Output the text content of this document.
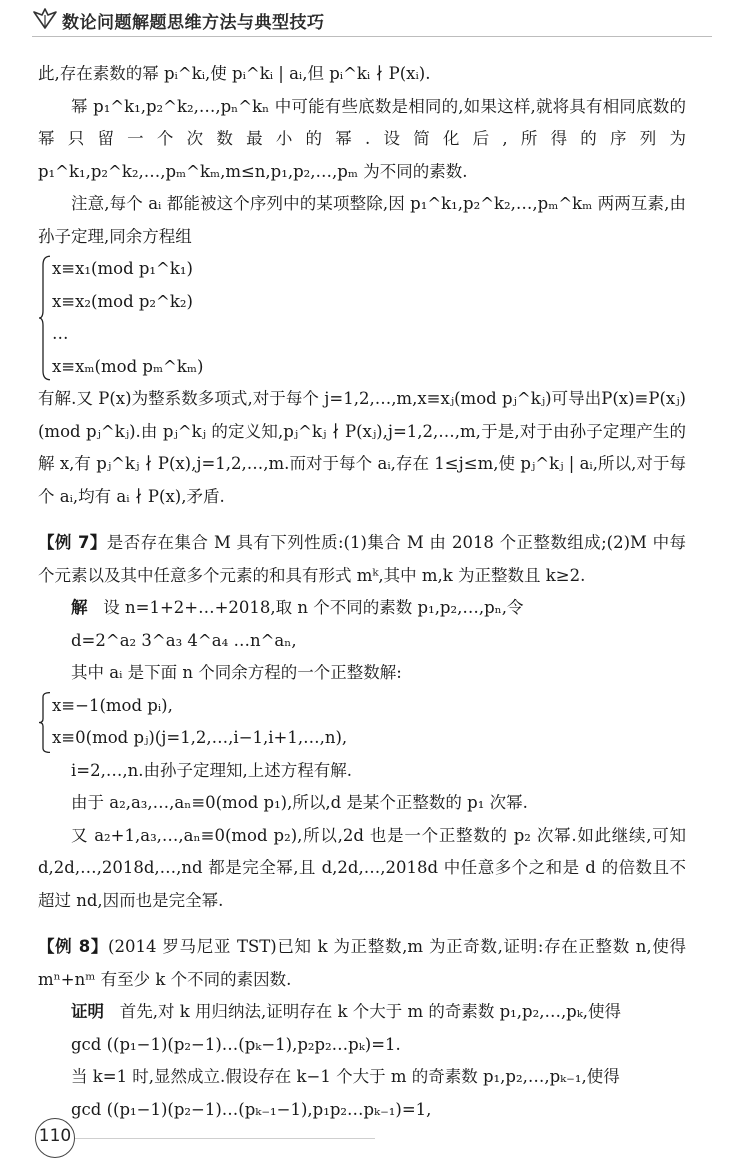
数论问题解题思维方法与典型技巧

此,存在素数的幂 pᵢ^kᵢ,使 pᵢ^kᵢ | aᵢ,但 pᵢ^kᵢ ∤ P(xᵢ).

幂 p₁^k₁,p₂^k₂,…,pₙ^kₙ 中可能有些底数是相同的,如果这样,就将具有相同底数的幂只留一个次数最小的幂.设简化后,所得的序列为 p₁^k₁,p₂^k₂,…,pₘ^kₘ,m≤n,p₁,p₂,…,pₘ 为不同的素数.

注意,每个 aᵢ 都能被这个序列中的某项整除,因 p₁^k₁,p₂^k₂,…,pₘ^kₘ 两两互素,由孙子定理,同余方程组

x≡x₁(mod p₁^k₁)
x≡x₂(mod p₂^k₂)
…
x≡xₘ(mod pₘ^kₘ)

有解.又 P(x)为整系数多项式,对于每个 j=1,2,…,m,x≡xⱼ(mod pⱼ^kⱼ)可导出P(x)≡P(xⱼ)(mod pⱼ^kⱼ).由 pⱼ^kⱼ 的定义知,pⱼ^kⱼ ∤ P(xⱼ),j=1,2,…,m,于是,对于由孙子定理产生的解 x,有 pⱼ^kⱼ ∤ P(x),j=1,2,…,m.而对于每个 aᵢ,存在 1≤j≤m,使 pⱼ^kⱼ | aᵢ,所以,对于每个 aᵢ,均有 aᵢ ∤ P(x),矛盾.

【例 7】是否存在集合 M 具有下列性质:(1)集合 M 由 2018 个正整数组成;(2)M 中每个元素以及其中任意多个元素的和具有形式 mᵏ,其中 m,k 为正整数且 k≥2.

解 设 n=1+2+…+2018,取 n 个不同的素数 p₁,p₂,…,pₙ,令

d=2^a₂ 3^a₃ 4^a₄ …n^aₙ,

其中 aᵢ 是下面 n 个同余方程的一个正整数解:

x≡−1(mod pᵢ),
x≡0(mod pⱼ)(j=1,2,…,i−1,i+1,…,n),

i=2,…,n.由孙子定理知,上述方程有解.

由于 a₂,a₃,…,aₙ≡0(mod p₁),所以,d 是某个正整数的 p₁ 次幂.

又 a₂+1,a₃,…,aₙ≡0(mod p₂),所以,2d 也是一个正整数的 p₂ 次幂.如此继续,可知 d,2d,…,2018d,…,nd 都是完全幂,且 d,2d,…,2018d 中任意多个之和是 d 的倍数且不超过 nd,因而也是完全幂.

【例 8】(2014 罗马尼亚 TST)已知 k 为正整数,m 为正奇数,证明:存在正整数 n,使得 mⁿ+nᵐ 有至少 k 个不同的素因数.

证明 首先,对 k 用归纳法,证明存在 k 个大于 m 的奇素数 p₁,p₂,…,pₖ,使得

gcd ((p₁−1)(p₂−1)…(pₖ−1),p₂p₂…pₖ)=1.

当 k=1 时,显然成立.假设存在 k−1 个大于 m 的奇素数 p₁,p₂,…,pₖ₋₁,使得

gcd ((p₁−1)(p₂−1)…(pₖ₋₁−1),p₁p₂…pₖ₋₁)=1,

110
